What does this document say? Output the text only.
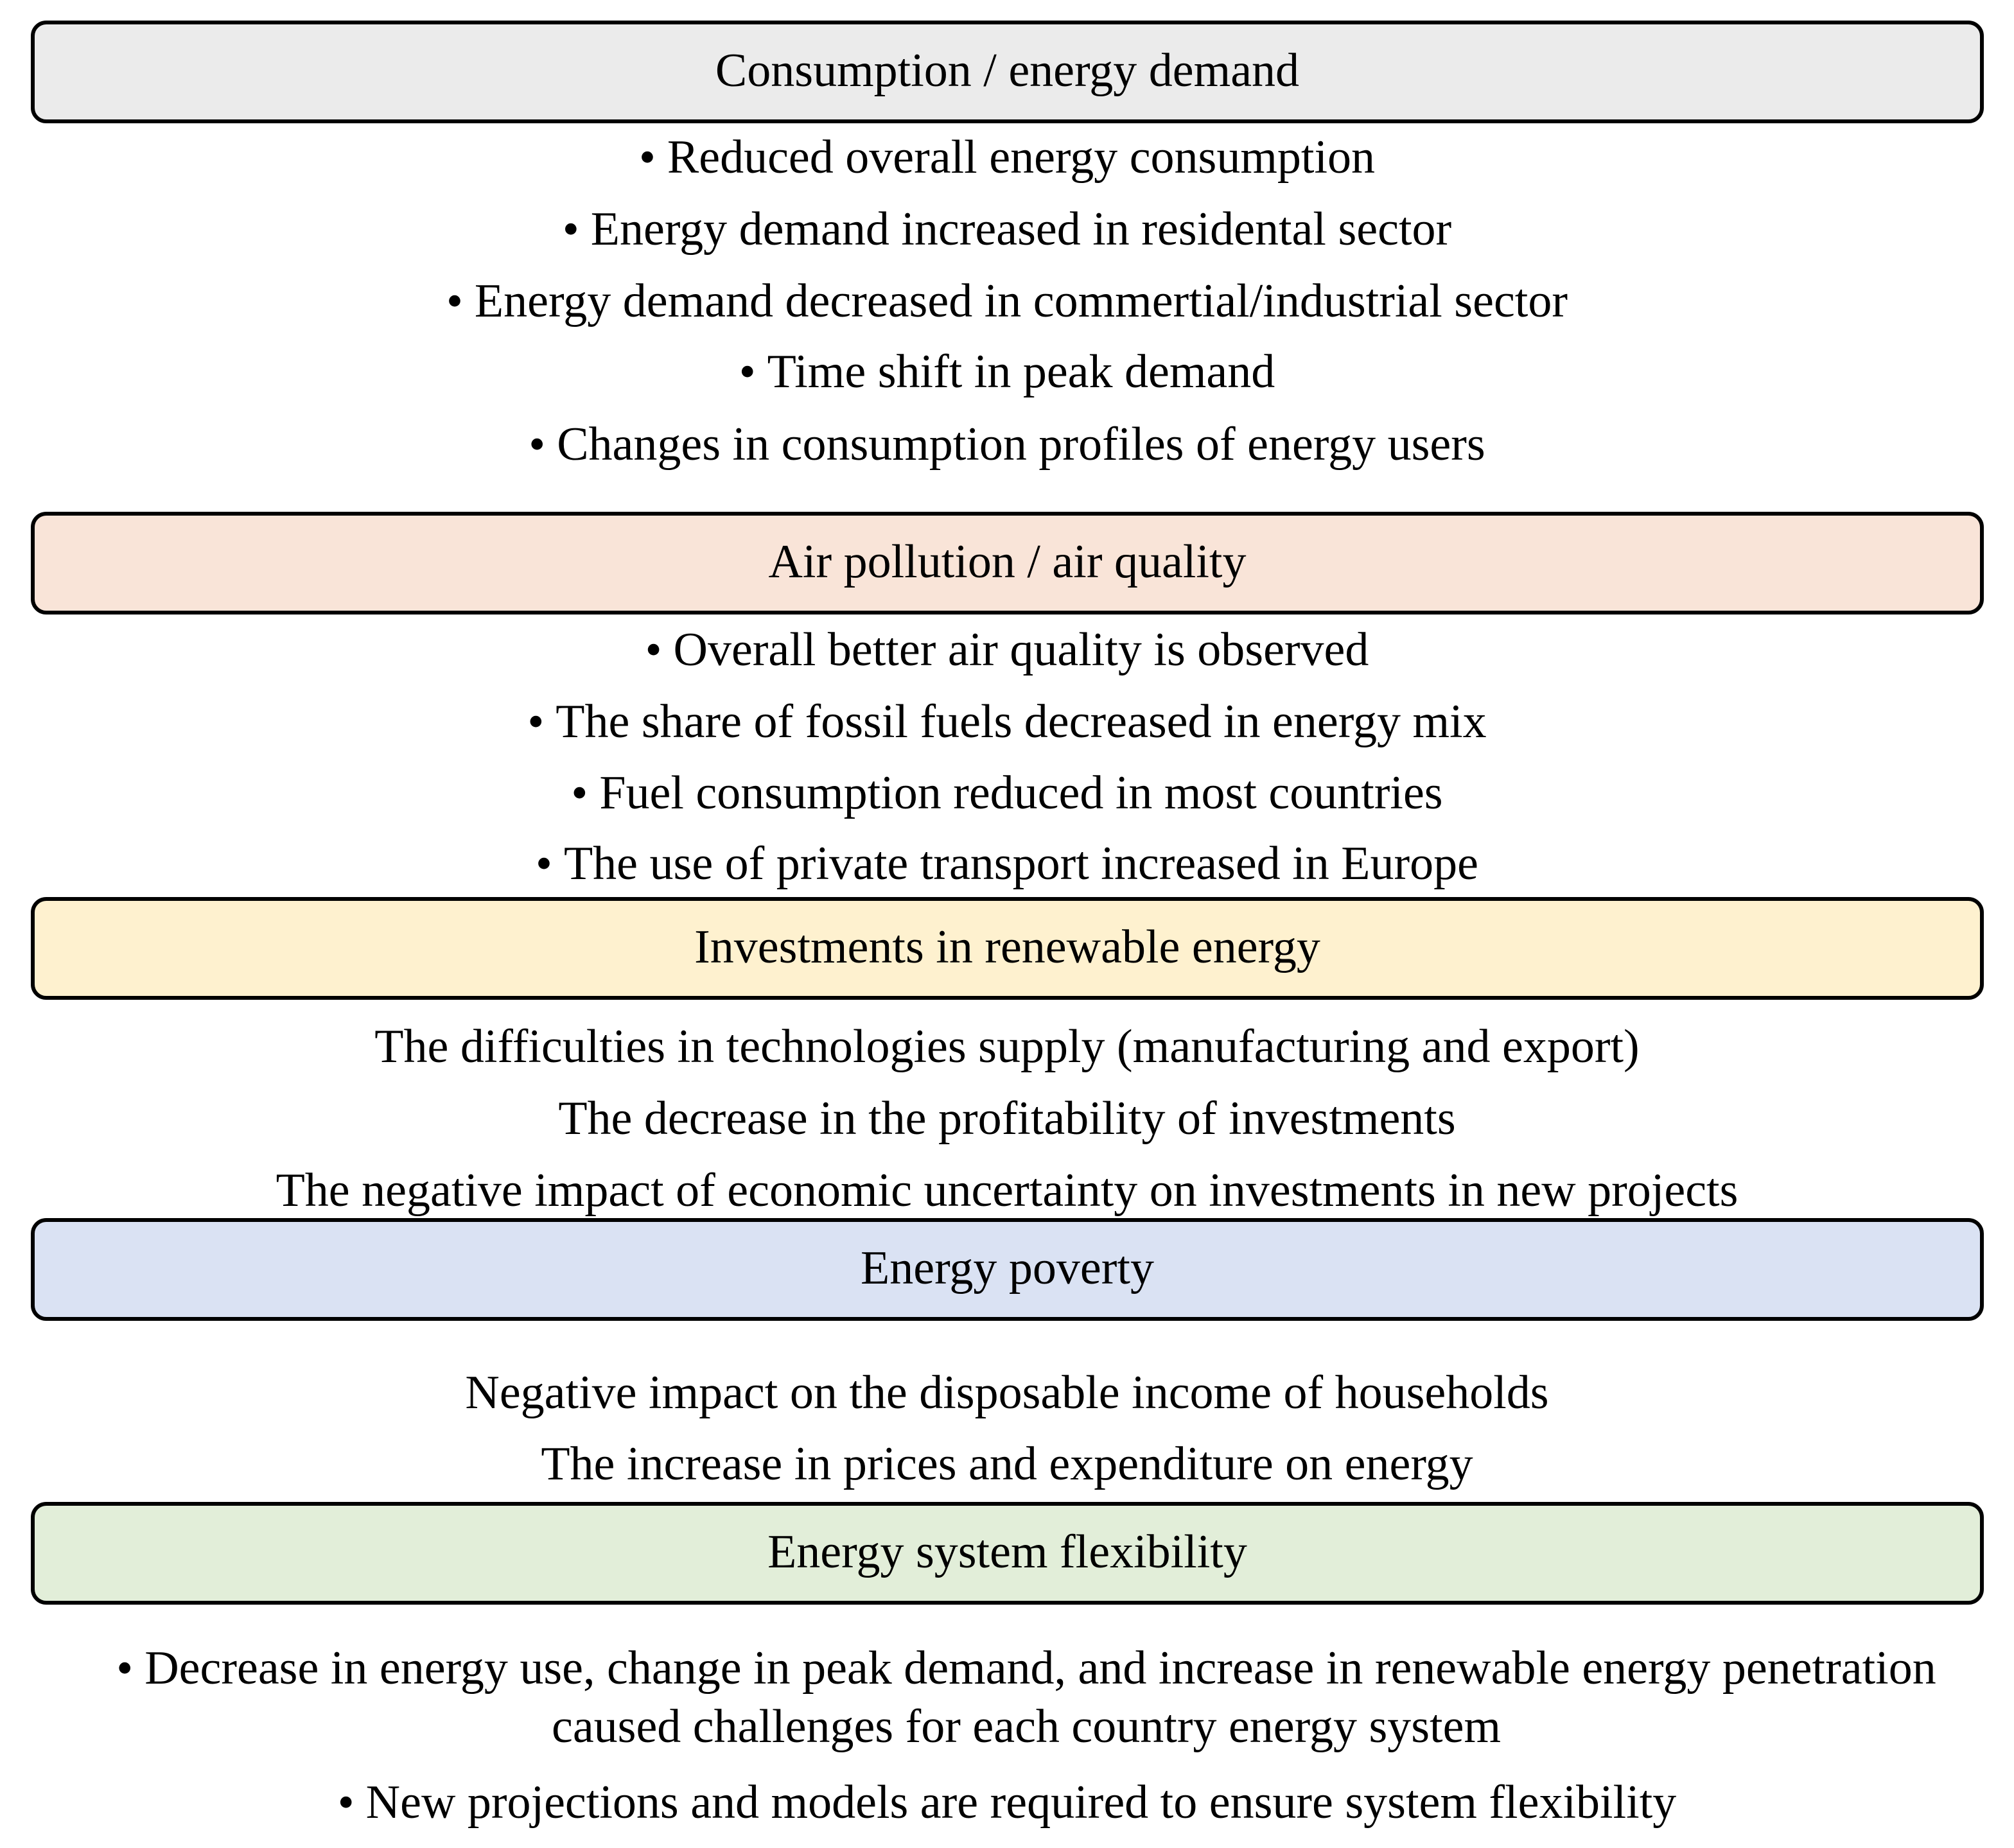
Consumption / energy demand
• Reduced overall energy consumption
• Energy demand increased in residental sector
• Energy demand decreased in commertial/industrial sector
• Time shift in peak demand
• Changes in consumption profiles of energy users
Air pollution / air quality
• Overall better air quality is observed
• The share of fossil fuels decreased in energy mix
• Fuel consumption reduced in most countries
• The use of private transport increased in Europe
Investments in renewable energy
The difficulties in technologies supply (manufacturing and export)
The decrease in the profitability of investments
The negative impact of economic uncertainty on investments in new projects
Energy poverty
Negative impact on the disposable income of households
The increase in prices and expenditure on energy
Energy system flexibility
• Decrease in energy use, change in peak demand, and increase in renewable energy penetration caused challenges for each country energy system
• New projections and models are required to ensure system flexibility
